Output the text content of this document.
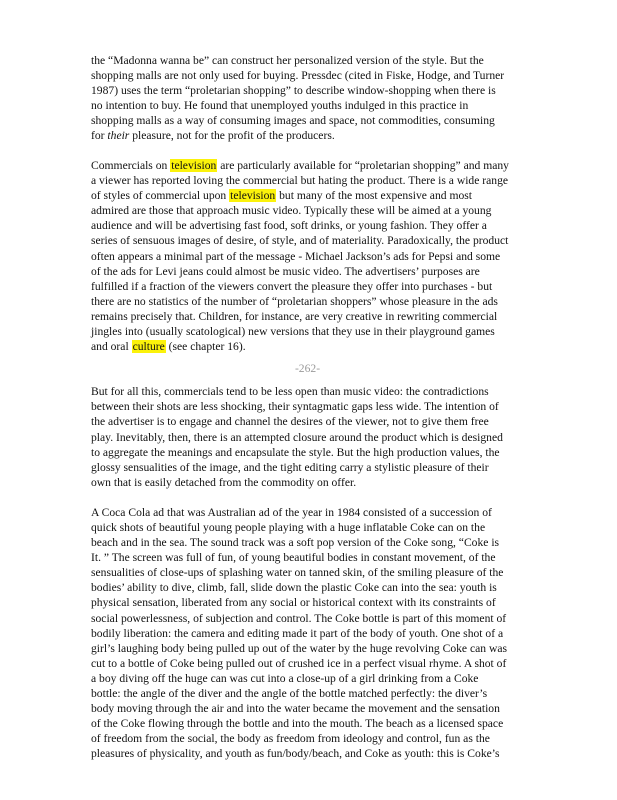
the “Madonna wanna be” can construct her personalized version of the style. But the
shopping malls are not only used for buying. Pressdec (cited in Fiske, Hodge, and Turner
1987) uses the term “proletarian shopping” to describe window-shopping when there is
no intention to buy. He found that unemployed youths indulged in this practice in
shopping malls as a way of consuming images and space, not commodities, consuming
for their pleasure, not for the profit of the producers.

Commercials on television are particularly available for “proletarian shopping” and many
a viewer has reported loving the commercial but hating the product. There is a wide range
of styles of commercial upon television but many of the most expensive and most
admired are those that approach music video. Typically these will be aimed at a young
audience and will be advertising fast food, soft drinks, or young fashion. They offer a
series of sensuous images of desire, of style, and of materiality. Paradoxically, the product
often appears a minimal part of the message - Michael Jackson’s ads for Pepsi and some
of the ads for Levi jeans could almost be music video. The advertisers’ purposes are
fulfilled if a fraction of the viewers convert the pleasure they offer into purchases - but
there are no statistics of the number of “proletarian shoppers” whose pleasure in the ads
remains precisely that. Children, for instance, are very creative in rewriting commercial
jingles into (usually scatological) new versions that they use in their playground games
and oral culture (see chapter 16).

-262-

But for all this, commercials tend to be less open than music video: the contradictions
between their shots are less shocking, their syntagmatic gaps less wide. The intention of
the advertiser is to engage and channel the desires of the viewer, not to give them free
play. Inevitably, then, there is an attempted closure around the product which is designed
to aggregate the meanings and encapsulate the style. But the high production values, the
glossy sensualities of the image, and the tight editing carry a stylistic pleasure of their
own that is easily detached from the commodity on offer.

A Coca Cola ad that was Australian ad of the year in 1984 consisted of a succession of
quick shots of beautiful young people playing with a huge inflatable Coke can on the
beach and in the sea. The sound track was a soft pop version of the Coke song, “Coke is
It. ” The screen was full of fun, of young beautiful bodies in constant movement, of the
sensualities of close-ups of splashing water on tanned skin, of the smiling pleasure of the
bodies’ ability to dive, climb, fall, slide down the plastic Coke can into the sea: youth is
physical sensation, liberated from any social or historical context with its constraints of
social powerlessness, of subjection and control. The Coke bottle is part of this moment of
bodily liberation: the camera and editing made it part of the body of youth. One shot of a
girl’s laughing body being pulled up out of the water by the huge revolving Coke can was
cut to a bottle of Coke being pulled out of crushed ice in a perfect visual rhyme. A shot of
a boy diving off the huge can was cut into a close-up of a girl drinking from a Coke
bottle: the angle of the diver and the angle of the bottle matched perfectly: the diver’s
body moving through the air and into the water became the movement and the sensation
of the Coke flowing through the bottle and into the mouth. The beach as a licensed space
of freedom from the social, the body as freedom from ideology and control, fun as the
pleasures of physicality, and youth as fun/body/beach, and Coke as youth: this is Coke’s
